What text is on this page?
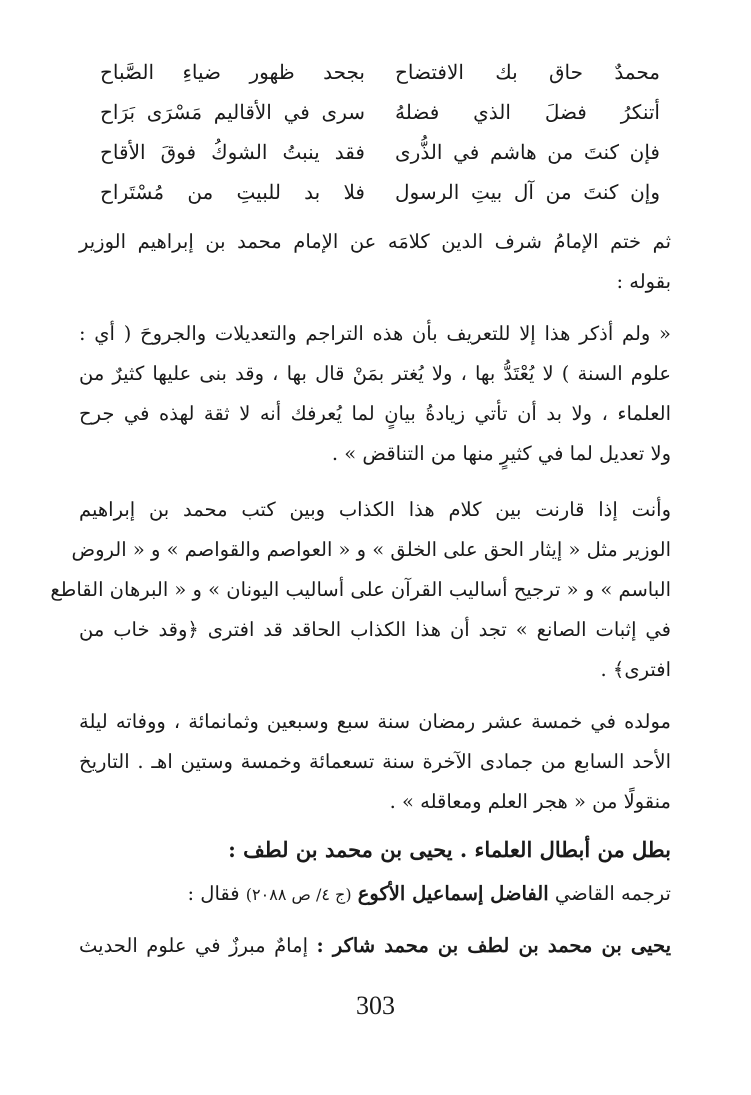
محمدٌ حاق بك الافتضاح
بجحد ظهور ضياءِ الصَّباح
أتنكرُ فضلَ الذي فضلهُ
سرى في الأقاليم مَسْرَى بَرَاح
فإن كنتَ من هاشم في الذُّرى
فقد ينبتُ الشوكُ فوقَ الأقاح
وإن كنتَ من آل بيتِ الرسول
فلا بد للبيتِ من مُسْتَراح

ثم ختم الإمامُ شرف الدين كلامَه عن الإمام محمد بن إبراهيم الوزير
بقوله :

« ولم أذكر هذا إلا للتعريف بأن هذه التراجم والتعديلات والجروحَ ( أي :
علوم السنة ) لا يُعْتَدُّ بها ، ولا يُغتر بمَنْ قال بها ، وقد بنى عليها كثيرٌ من
العلماء ، ولا بد أن تأتي زيادةُ بيانٍ لما يُعرفك أنه لا ثقة لهذه في جرح
ولا تعديل لما في كثيرٍ منها من التناقض » .

وأنت إذا قارنت بين كلام هذا الكذاب وبين كتب محمد بن إبراهيم
الوزير مثل « إيثار الحق على الخلق » و « العواصم والقواصم » و « الروض
الباسم » و « ترجيح أساليب القرآن على أساليب اليونان » و « البرهان القاطع
في إثبات الصانع » تجد أن هذا الكذاب الحاقد قد افترى ﴿وقد خاب من
افترى﴾ .

مولده في خمسة عشر رمضان سنة سبع وسبعين وثمانمائة ، ووفاته ليلة
الأحد السابع من جمادى الآخرة سنة تسعمائة وخمسة وستين اهـ . التاريخ
منقولًا من « هجر العلم ومعاقله » .

بطل من أبطال العلماء . يحيى بن محمد بن لطف :

ترجمه القاضي الفاضل إسماعيل الأكوع (ج ٤/ ص ٢٠٨٨) فقال :

يحيى بن محمد بن لطف بن محمد شاكر : إمامٌ مبرزٌ في علوم الحديث

303
